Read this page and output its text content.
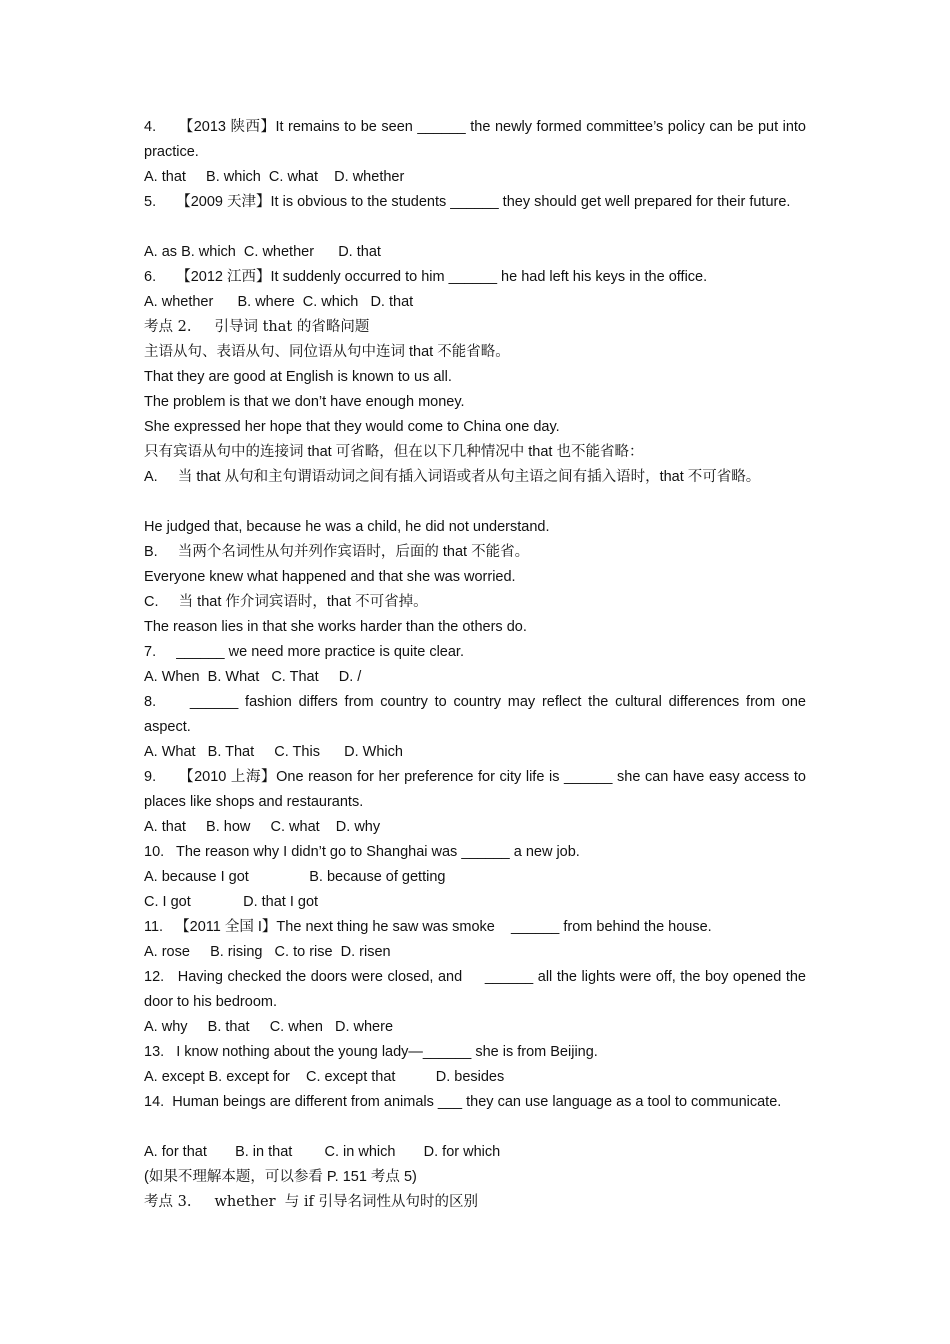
4.     【2013 陕西】It remains to be seen ______ the newly formed committee’s policy can be put into practice.
A. that     B. which  C. what    D. whether
5.     【2009 天津】It is obvious to the students ______ they should get well prepared for their future.
A. as B. which  C. whether      D. that
6.     【2012 江西】It suddenly occurred to him ______ he had left his keys in the office.
A. whether      B. where  C. which   D. that
考点 2.     引导词 that 的省略问题
主语从句、表语从句、同位语从句中连词 that 不能省略。
That they are good at English is known to us all.
The problem is that we don’t have enough money.
She expressed her hope that they would come to China one day.
只有宾语从句中的连接词 that 可省略，但在以下几种情况中 that 也不能省略：
A.     当 that 从句和主句谓语动词之间有插入词语或者从句主语之间有插入语时，that 不可省略。
He judged that, because he was a child, he did not understand.
B.     当两个名词性从句并列作宾语时，后面的 that 不能省。
Everyone knew what happened and that she was worried.
C.     当 that 作介词宾语时，that 不可省掉。
The reason lies in that she works harder than the others do.
7.     ______ we need more practice is quite clear.
A. When  B. What   C. That     D. /
8.     ______ fashion differs from country to country may reflect the cultural differences from one aspect.
A. What   B. That     C. This      D. Which
9.     【2010 上海】One reason for her preference for city life is ______ she can have easy access to places like shops and restaurants.
A. that     B. how     C. what    D. why
10.   The reason why I didn’t go to Shanghai was ______ a new job.
A. because I got               B. because of getting
C. I got             D. that I got
11.   【2011 全国 I】The next thing he saw was smoke    ______ from behind the house.
A. rose     B. rising   C. to rise  D. risen
12.   Having checked the doors were closed, and     ______ all the lights were off, the boy opened the door to his bedroom.
A. why     B. that     C. when   D. where
13.   I know nothing about the young lady—______ she is from Beijing.
A. except B. except for    C. except that          D. besides
14.  Human beings are different from animals ___ they can use language as a tool to communicate.
A. for that       B. in that        C. in which       D. for which
(如果不理解本题，可以参看 P. 151 考点 5)
考点 3.     whether  与 if 引导名词性从句时的区别
